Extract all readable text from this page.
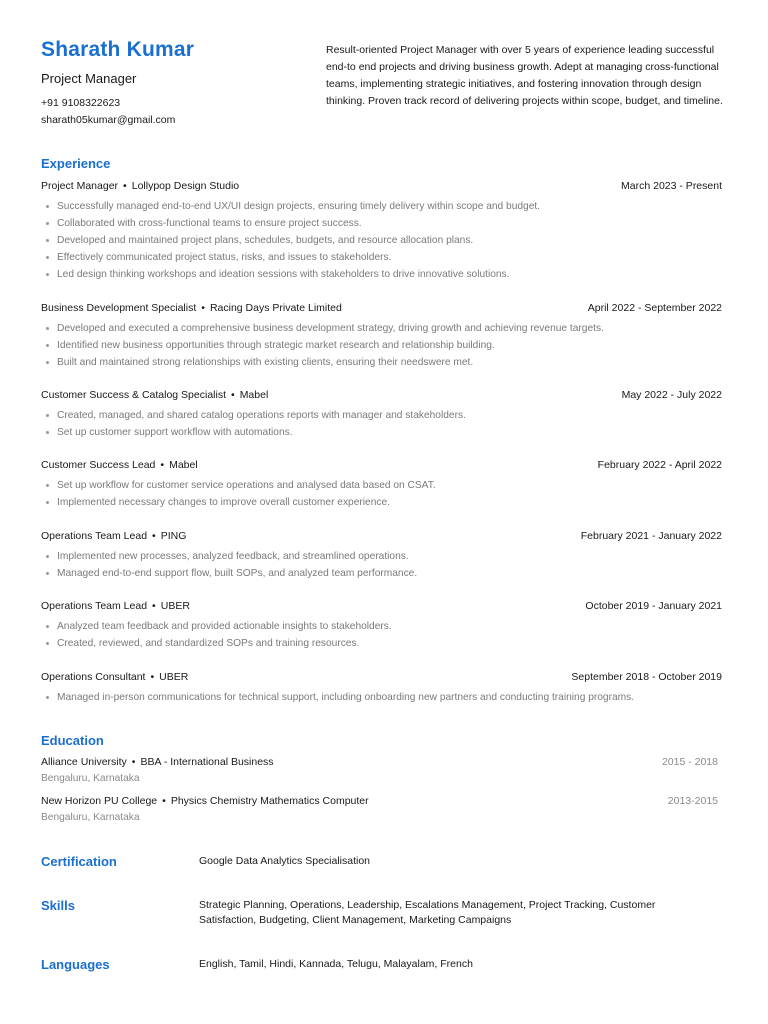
Sharath Kumar
Project Manager
+91 9108322623
sharath05kumar@gmail.com
Result-oriented Project Manager with over 5 years of experience leading successful end-to end projects and driving business growth. Adept at managing cross-functional teams, implementing strategic initiatives, and fostering innovation through design thinking. Proven track record of delivering projects within scope, budget, and timeline.
Experience
Project Manager • Lollypop Design Studio	March 2023 - Present
Successfully managed end-to-end UX/UI design projects, ensuring timely delivery within scope and budget.
Collaborated with cross-functional teams to ensure project success.
Developed and maintained project plans, schedules, budgets, and resource allocation plans.
Effectively communicated project status, risks, and issues to stakeholders.
Led design thinking workshops and ideation sessions with stakeholders to drive innovative solutions.
Business Development Specialist • Racing Days Private Limited	April 2022 - September 2022
Developed and executed a comprehensive business development strategy, driving growth and achieving revenue targets.
Identified new business opportunities through strategic market research and relationship building.
Built and maintained strong relationships with existing clients, ensuring their needswere met.
Customer Success & Catalog Specialist • Mabel	May 2022 - July 2022
Created, managed, and shared catalog operations reports with manager and stakeholders.
Set up customer support workflow with automations.
Customer Success Lead • Mabel	February 2022 - April 2022
Set up workflow for customer service operations and analysed data based on CSAT.
Implemented necessary changes to improve overall customer experience.
Operations Team Lead • PING	February 2021 - January 2022
Implemented new processes, analyzed feedback, and streamlined operations.
Managed end-to-end support flow, built SOPs, and analyzed team performance.
Operations Team Lead • UBER	October 2019 - January 2021
Analyzed team feedback and provided actionable insights to stakeholders.
Created, reviewed, and standardized SOPs and training resources.
Operations Consultant • UBER	September 2018 - October 2019
Managed in-person communications for technical support, including onboarding new partners and conducting training programs.
Education
Alliance University • BBA - International Business	2015 - 2018
Bengaluru, Karnataka
New Horizon PU College • Physics Chemistry Mathematics Computer	2013-2015
Bengaluru, Karnataka
Certification	Google Data Analytics Specialisation
Skills	Strategic Planning, Operations, Leadership, Escalations Management, Project Tracking, Customer Satisfaction, Budgeting, Client Management, Marketing Campaigns
Languages	English, Tamil, Hindi, Kannada, Telugu, Malayalam, French
